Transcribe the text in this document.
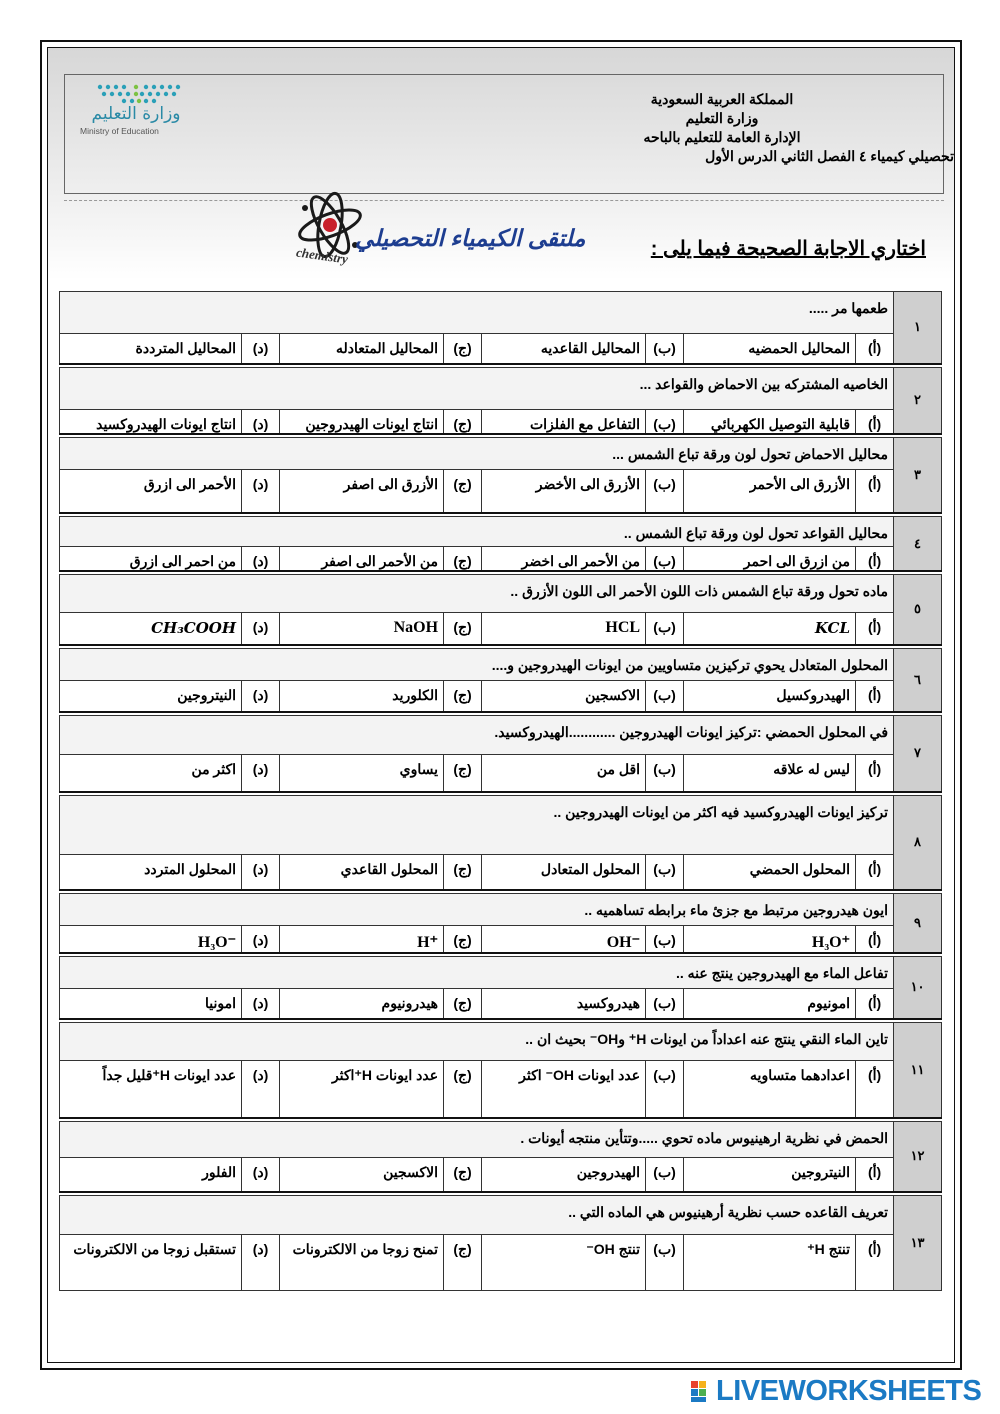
وزارة التعليم
Ministry of Education
المملكة العربية السعودية
وزارة التعليم
الإدارة العامة للتعليم بالباحه
تحصيلي كيمياء ٤ الفصل الثاني الدرس الأول
ملتقى الكيمياء التحصيلي
chemistry	اختاري الاجابة الصحيحة فيما يلى :
١	طعمها مر .....							
	(أ)	المحاليل الحمضيه	(ب)	المحاليل القاعديه	(ج)	المحاليل المتعادله	(د)	المحاليل المترددة

٢	الخاصيه المشتركه بين الاحماض والقواعد ...							
	(أ)	قابلية التوصيل الكهربائي	(ب)	التفاعل مع الفلزات	(ج)	انتاج ايونات الهيدروجين	(د)	انتاج ايونات الهيدروكسيد

٣	محاليل الاحماض تحول لون ورقة تباع الشمس ...							
	(أ)	الأزرق الى الأحمر	(ب)	الأزرق الى الأخضر	(ج)	الأزرق الى اصفر	(د)	الأحمر الى ازرق

٤	محاليل القواعد تحول لون ورقة تباع الشمس ..							
	(أ)	من ازرق الى احمر	(ب)	من الأحمر الى اخضر	(ج)	من الأحمر الى اصفر	(د)	من احمر الى ازرق

٥	ماده تحول ورقة تباع الشمس ذات اللون الأحمر الى اللون الأزرق ..							
	(أ)	KCL	(ب)	HCL	(ج)	NaOH	(د)	CH₃COOH

٦	المحلول المتعادل يحوي تركيزين متساويين من ايونات الهيدروجين و....							
	(أ)	الهيدروكسيل	(ب)	الاكسجين	(ج)	الكلوريد	(د)	النيتروجين

٧	في المحلول الحمضي :تركيز ايونات الهيدروجين ............الهيدروكسيد.							
	(أ)	ليس له علاقه	(ب)	اقل من	(ج)	يساوي	(د)	اكثر من

٨	تركيز ايونات الهيدروكسيد فيه اكثر من ايونات الهيدروجين ..							
	(أ)	المحلول الحمضي	(ب)	المحلول المتعادل	(ج)	المحلول القاعدي	(د)	المحلول المتردد

٩	ايون هيدروجين مرتبط مع جزئ ماء برابطه تساهميه ..							
	(أ)	H₃O⁺	(ب)	OH⁻	(ج)	H⁺	(د)	H₃O⁻

١٠	تفاعل الماء مع الهيدروجين ينتج عنه ..							
	(أ)	امونيوم	(ب)	هيدروكسيد	(ج)	هيدرونيوم	(د)	امونيا

١١	تاين الماء النقي ينتج عنه اعداداً من ايونات H⁺ وOH⁻ بحيث ان ..							
	(أ)	اعدادهما متساويه	(ب)	عدد ايونات OH⁻ اكثر	(ج)	عدد ايونات H⁺اكثر	(د)	عدد ايونات H⁺قليل جداً

١٢	الحمض في نظرية ارهينيوس ماده تحوي .....وتتأين منتجه أيونات .							
	(أ)	النيتروجين	(ب)	الهيدروجين	(ج)	الاكسجين	(د)	الفلور

١٣	تعريف القاعده حسب نظرية أرهينيوس هي الماده التي ..							
	(أ)	تنتج H⁺	(ب)	تنتج OH⁻	(ج)	تمنح زوجا من الالكترونات	(د)	تستقبل زوجا من الالكترونات
LIVEWORKSHEETS
